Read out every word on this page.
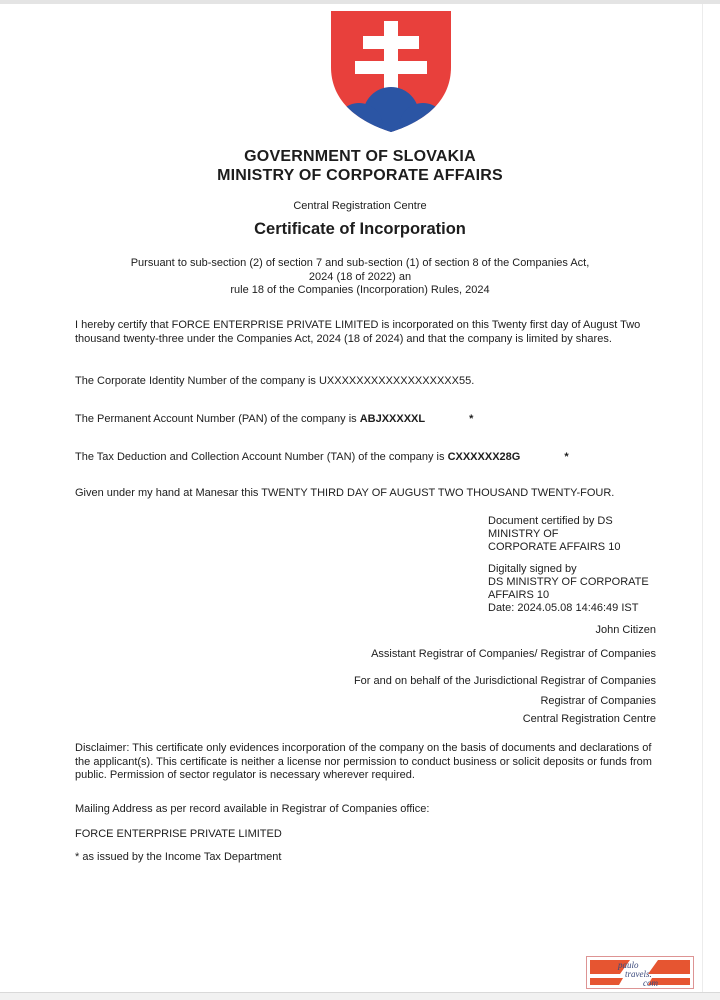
GOVERNMENT OF SLOVAKIA
MINISTRY OF CORPORATE AFFAIRS
Central Registration Centre
Certificate of Incorporation
Pursuant to sub-section (2) of section 7 and sub-section (1) of section 8 of the Companies Act,
2024 (18 of 2022) an
rule 18 of the Companies (Incorporation) Rules, 2024

I hereby certify that FORCE ENTERPRISE PRIVATE LIMITED is incorporated on this Twenty first day of August Two thousand twenty-three under the Companies Act, 2024 (18 of 2024) and that the company is limited by shares.

The Corporate Identity Number of the company is UXXXXXXXXXXXXXXXXXX55.

The Permanent Account Number (PAN) of the company is ABJXXXXXL	*

The Tax Deduction and Collection Account Number (TAN) of the company is CXXXXXX28G	*

Given under my hand at Manesar this TWENTY THIRD DAY OF AUGUST TWO THOUSAND TWENTY-FOUR.

Document certified by DS
MINISTRY OF
CORPORATE AFFAIRS 10
Digitally signed by
DS MINISTRY OF CORPORATE
AFFAIRS 10
Date: 2024.05.08 14:46:49 IST
John Citizen
Assistant Registrar of Companies/ Registrar of Companies
For and on behalf of the Jurisdictional Registrar of Companies
Registrar of Companies
Central Registration Centre

Disclaimer: This certificate only evidences incorporation of the company on the basis of documents and declarations of the applicant(s). This certificate is neither a license nor permission to conduct business or solicit deposits or funds from public. Permission of sector regulator is necessary wherever required.

Mailing Address as per record available in Registrar of Companies office:

FORCE ENTERPRISE PRIVATE LIMITED

* as issued by the Income Tax Department

paulo
travels.
com
